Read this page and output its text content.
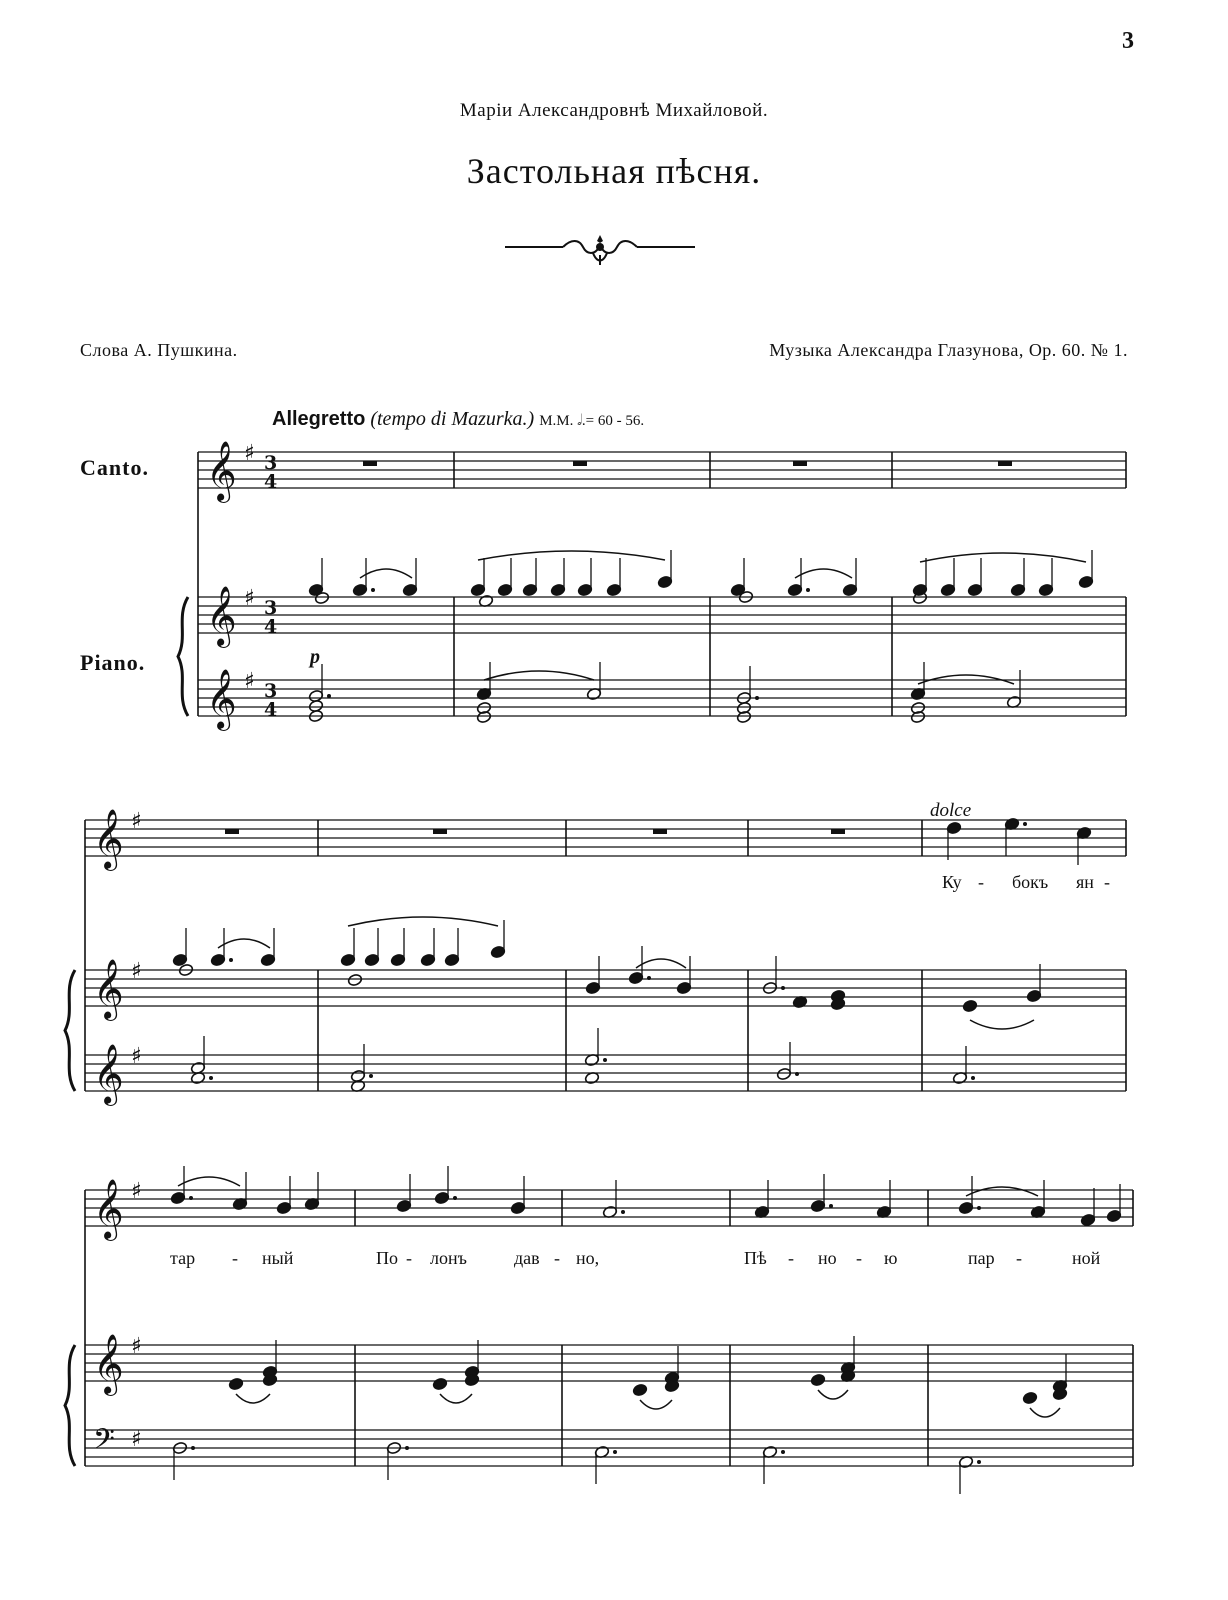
3
Маріи Александровнѣ Михайловой.
Застольная пѣсня.
Слова А. Пушкина.	Музыка Александра Глазунова, Op. 60. № 1.
Allegretto (tempo di Mazurka.) M.M. 𝅗𝅥.= 60 - 56.
Canto.
Piano.	p
dolce
Ку - бокъ ян -
тар - ный	По - лонъ	дав - но,	Пѣ - но - ю	пар -	ной
𝄞
𝄞
𝄞
♯
♯
♯
3
4
3
4
3
4
𝄞
𝄞
𝄞
♯
♯
♯
𝄞
𝄞
𝄢
♯
♯
♯
